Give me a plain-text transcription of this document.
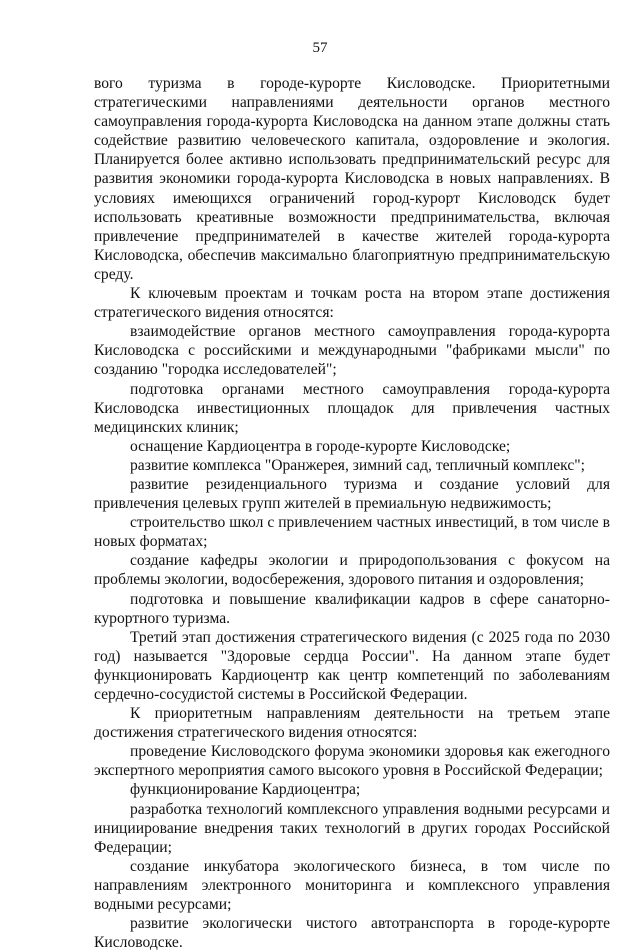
57

вого туризма в городе-курорте Кисловодске. Приоритетными стратегическими направлениями деятельности органов местного самоуправления города-курорта Кисловодска на данном этапе должны стать содействие развитию человеческого капитала, оздоровление и экология. Планируется более активно использовать предпринимательский ресурс для развития экономики города-курорта Кисловодска в новых направлениях. В условиях имеющихся ограничений город-курорт Кисловодск будет использовать креативные возможности предпринимательства, включая привлечение предпринимателей в качестве жителей города-курорта Кисловодска, обеспечив максимально благоприятную предпринимательскую среду.

К ключевым проектам и точкам роста на втором этапе достижения стратегического видения относятся:

взаимодействие органов местного самоуправления города-курорта Кисловодска с российскими и международными "фабриками мысли" по созданию "городка исследователей";

подготовка органами местного самоуправления города-курорта Кисловодска инвестиционных площадок для привлечения частных медицинских клиник;

оснащение Кардиоцентра в городе-курорте Кисловодске;

развитие комплекса "Оранжерея, зимний сад, тепличный комплекс";

развитие резиденциального туризма и создание условий для привлечения целевых групп жителей в премиальную недвижимость;

строительство школ с привлечением частных инвестиций, в том числе в новых форматах;

создание кафедры экологии и природопользования с фокусом на проблемы экологии, водосбережения, здорового питания и оздоровления;

подготовка и повышение квалификации кадров в сфере санаторно-курортного туризма.

Третий этап достижения стратегического видения (с 2025 года по 2030 год) называется "Здоровые сердца России". На данном этапе будет функционировать Кардиоцентр как центр компетенций по заболеваниям сердечно-сосудистой системы в Российской Федерации.

К приоритетным направлениям деятельности на третьем этапе достижения стратегического видения относятся:

проведение Кисловодского форума экономики здоровья как ежегодного экспертного мероприятия самого высокого уровня в Российской Федерации;

функционирование Кардиоцентра;

разработка технологий комплексного управления водными ресурсами и инициирование внедрения таких технологий в других городах Российской Федерации;

создание инкубатора экологического бизнеса, в том числе по направлениям электронного мониторинга и комплексного управления водными ресурсами;

развитие экологически чистого автотранспорта в городе-курорте Кисловодске.
